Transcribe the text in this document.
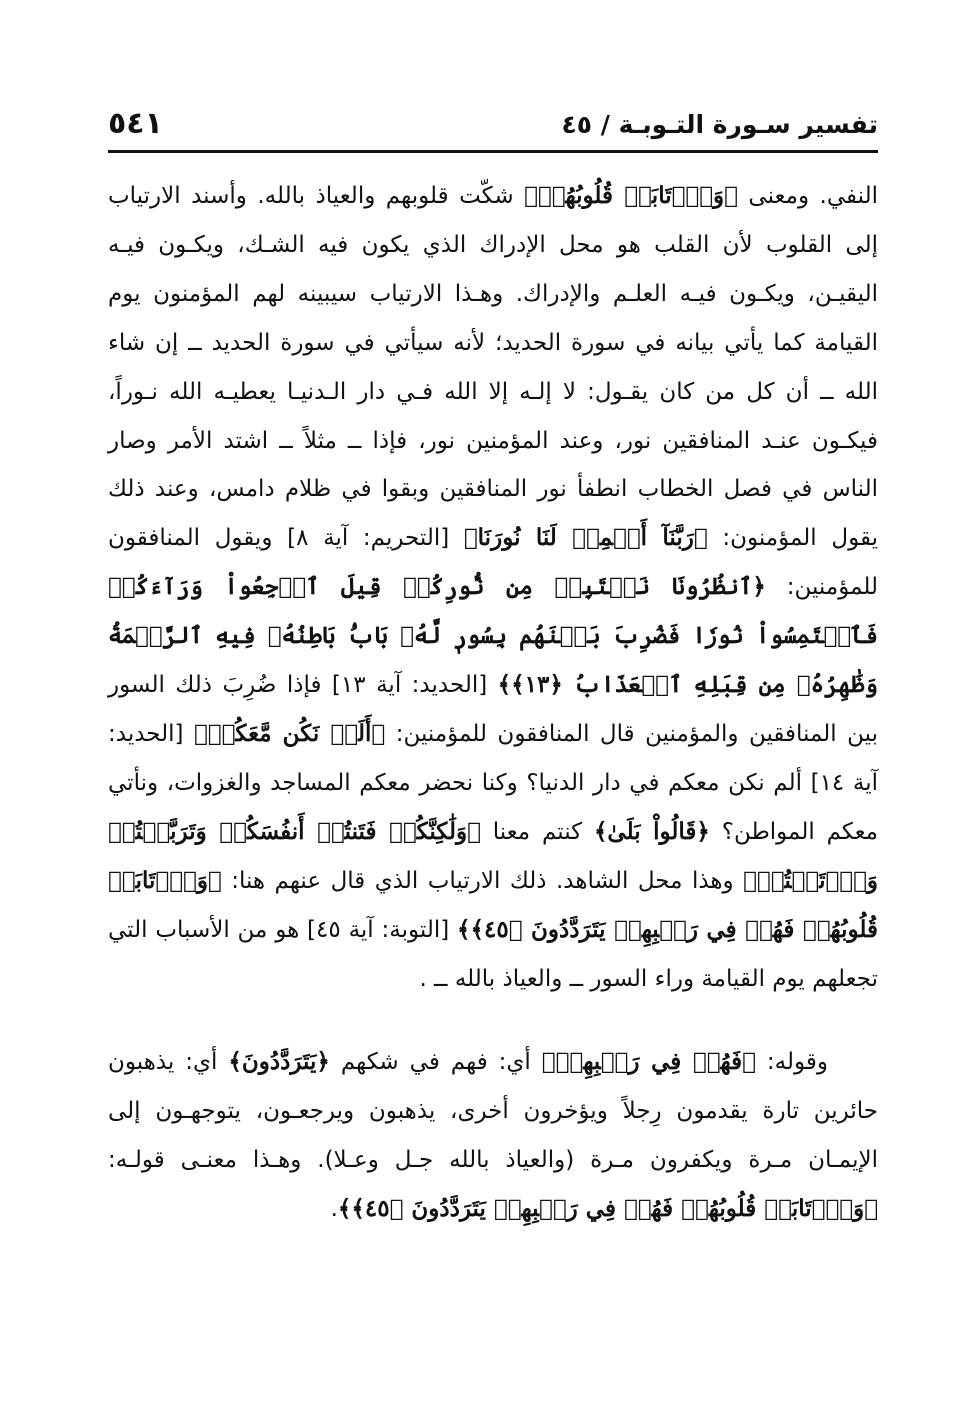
تفسير سـورة التـوبـة / ٤٥
٥٤١

النفي. ومعنى ﴿وَٱرۡتَابَتۡ قُلُوبُهُمۡ﴾ شكّت قلوبهم والعياذ بالله. وأسند الارتياب إلى القلوب لأن القلب هو محل الإدراك الذي يكون فيه الشـك، ويكـون فيـه اليقيـن، ويكـون فيـه العلـم والإدراك. وهـذا الارتياب سيبينه لهم المؤمنون يوم القيامة كما يأتي بيانه في سورة الحديد؛ لأنه سيأتي في سورة الحديد ــ إن شاء الله ــ أن كل من كان يقـول: لا إلـه إلا الله فـي دار الـدنيـا يعطيـه الله نـوراً، فيكـون عنـد المنافقين نور، وعند المؤمنين نور، فإذا ــ مثلاً ــ اشتد الأمر وصار الناس في فصل الخطاب انطفأ نور المنافقين وبقوا في ظلام دامس، وعند ذلك يقول المؤمنون: ﴿رَبَّنَآ أَتۡمِمۡ لَنَا نُورَنَا﴾ [التحريم: آية ٨] ويقول المنافقون للمؤمنين: ﴿ٱنظُرُونَا نَقۡتَبِسۡ مِن نُّورِكُمۡ قِيلَ ٱرۡجِعُواْ وَرَآءَكُمۡ فَٱلۡتَمِسُواْ نُورٗا فَضُرِبَ بَيۡنَهُم بِسُورٖ لَّهُۥ بَابُۢ بَاطِنُهُۥ فِيهِ ٱلرَّحۡمَةُ وَظَٰهِرُهُۥ مِن قِبَلِهِ ٱلۡعَذَابُ ﴿١٣﴾﴾ [الحديد: آية ١٣] فإذا ضُرِبَ ذلك السور بين المنافقين والمؤمنين قال المنافقون للمؤمنين: ﴿أَلَمۡ نَكُن مَّعَكُمۡ﴾ [الحديد: آية ١٤] ألم نكن معكم في دار الدنيا؟ وكنا نحضر معكم المساجد والغزوات، ونأتي معكم المواطن؟ ﴿قَالُواْ بَلَىٰ﴾ كنتم معنا ﴿وَلَٰكِنَّكُمۡ فَتَنتُمۡ أَنفُسَكُمۡ وَتَرَبَّصۡتُمۡ وَٱرۡتَبۡتُمۡ﴾ وهذا محل الشاهد. ذلك الارتياب الذي قال عنهم هنا: ﴿وَٱرۡتَابَتۡ قُلُوبُهُمۡ فَهُمۡ فِي رَيۡبِهِمۡ يَتَرَدَّدُونَ ﴿٤٥﴾﴾ [التوبة: آية ٤٥] هو من الأسباب التي تجعلهم يوم القيامة وراء السور ــ والعياذ بالله ــ .

وقوله: ﴿فَهُمۡ فِي رَيۡبِهِمۡ﴾ أي: فهم في شكهم ﴿يَتَرَدَّدُونَ﴾ أي: يذهبون حائرين تارة يقدمون رِجلاً ويؤخرون أخرى، يذهبون ويرجعـون، يتوجهـون إلى الإيمـان مـرة ويكفرون مـرة (والعياذ بالله جـل وعـلا). وهـذا معنـى قولـه: ﴿وَٱرۡتَابَتۡ قُلُوبُهُمۡ فَهُمۡ فِي رَيۡبِهِمۡ يَتَرَدَّدُونَ ﴿٤٥﴾﴾.
